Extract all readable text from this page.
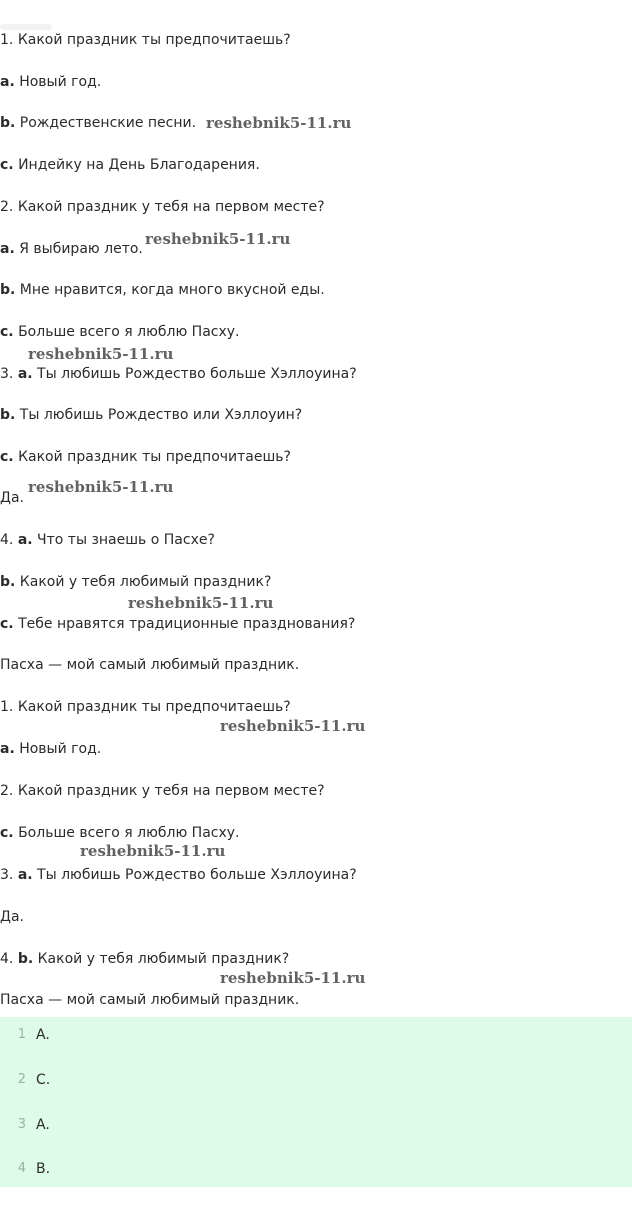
1. Какой праздник ты предпочитаешь?
a. Новый год.
b. Рождественские песни.
c. Индейку на День Благодарения.
2. Какой праздник у тебя на первом месте?
a. Я выбираю лето.
b. Мне нравится, когда много вкусной еды.
c. Больше всего я люблю Пасху.
3. a. Ты любишь Рождество больше Хэллоуина?
b. Ты любишь Рождество или Хэллоуин?
c. Какой праздник ты предпочитаешь?
Да.
4. a. Что ты знаешь о Пасхе?
b. Какой у тебя любимый праздник?
c. Тебе нравятся традиционные празднования?
Пасха — мой самый любимый праздник.
1. Какой праздник ты предпочитаешь?
a. Новый год.
2. Какой праздник у тебя на первом месте?
c. Больше всего я люблю Пасху.
3. a. Ты любишь Рождество больше Хэллоуина?
Да.
4. b. Какой у тебя любимый праздник?
Пасха — мой самый любимый праздник.
reshebnik5-11.ru
reshebnik5-11.ru
reshebnik5-11.ru
reshebnik5-11.ru
reshebnik5-11.ru
reshebnik5-11.ru
reshebnik5-11.ru
reshebnik5-11.ru
1 A.
2 C.
3 A.
4 B.
